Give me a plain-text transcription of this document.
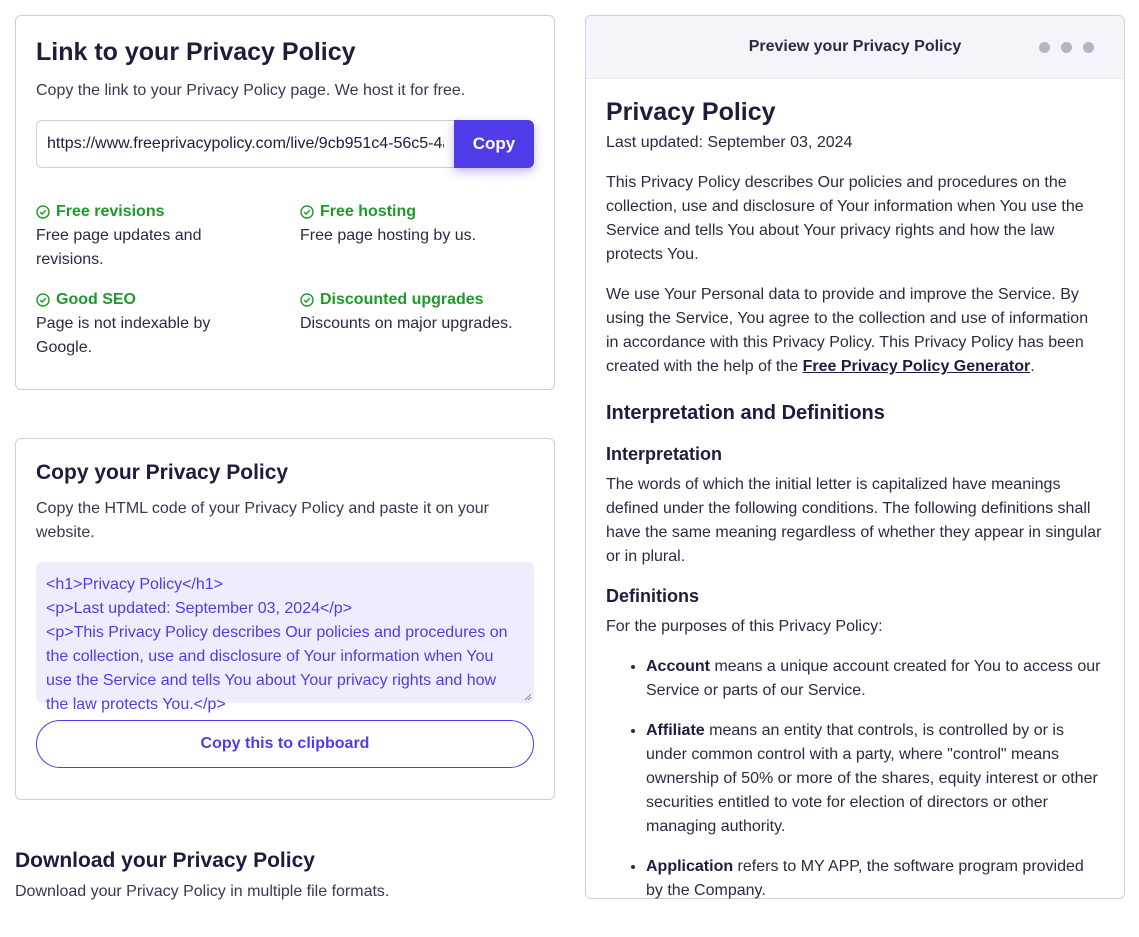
Link to your Privacy Policy
Copy the link to your Privacy Policy page. We host it for free.
https://www.freeprivacypolicy.com/live/9cb951c4-56c5-4a0b
Copy
Free revisions
Free page updates and revisions.
Free hosting
Free page hosting by us.
Good SEO
Page is not indexable by Google.
Discounted upgrades
Discounts on major upgrades.
Copy your Privacy Policy
Copy the HTML code of your Privacy Policy and paste it on your website.
<h1>Privacy Policy</h1>
<p>Last updated: September 03, 2024</p>
<p>This Privacy Policy describes Our policies and procedures on
the collection, use and disclosure of Your information when You
use the Service and tells You about Your privacy rights and how
the law protects You.</p>
Copy this to clipboard
Download your Privacy Policy
Download your Privacy Policy in multiple file formats.
Preview your Privacy Policy
Privacy Policy
Last updated: September 03, 2024
This Privacy Policy describes Our policies and procedures on the collection, use and disclosure of Your information when You use the Service and tells You about Your privacy rights and how the law protects You.
We use Your Personal data to provide and improve the Service. By using the Service, You agree to the collection and use of information in accordance with this Privacy Policy. This Privacy Policy has been created with the help of the Free Privacy Policy Generator.
Interpretation and Definitions
Interpretation
The words of which the initial letter is capitalized have meanings defined under the following conditions. The following definitions shall have the same meaning regardless of whether they appear in singular or in plural.
Definitions
For the purposes of this Privacy Policy:
• Account means a unique account created for You to access our Service or parts of our Service.
• Affiliate means an entity that controls, is controlled by or is under common control with a party, where "control" means ownership of 50% or more of the shares, equity interest or other securities entitled to vote for election of directors or other managing authority.
• Application refers to MY APP, the software program provided by the Company.
